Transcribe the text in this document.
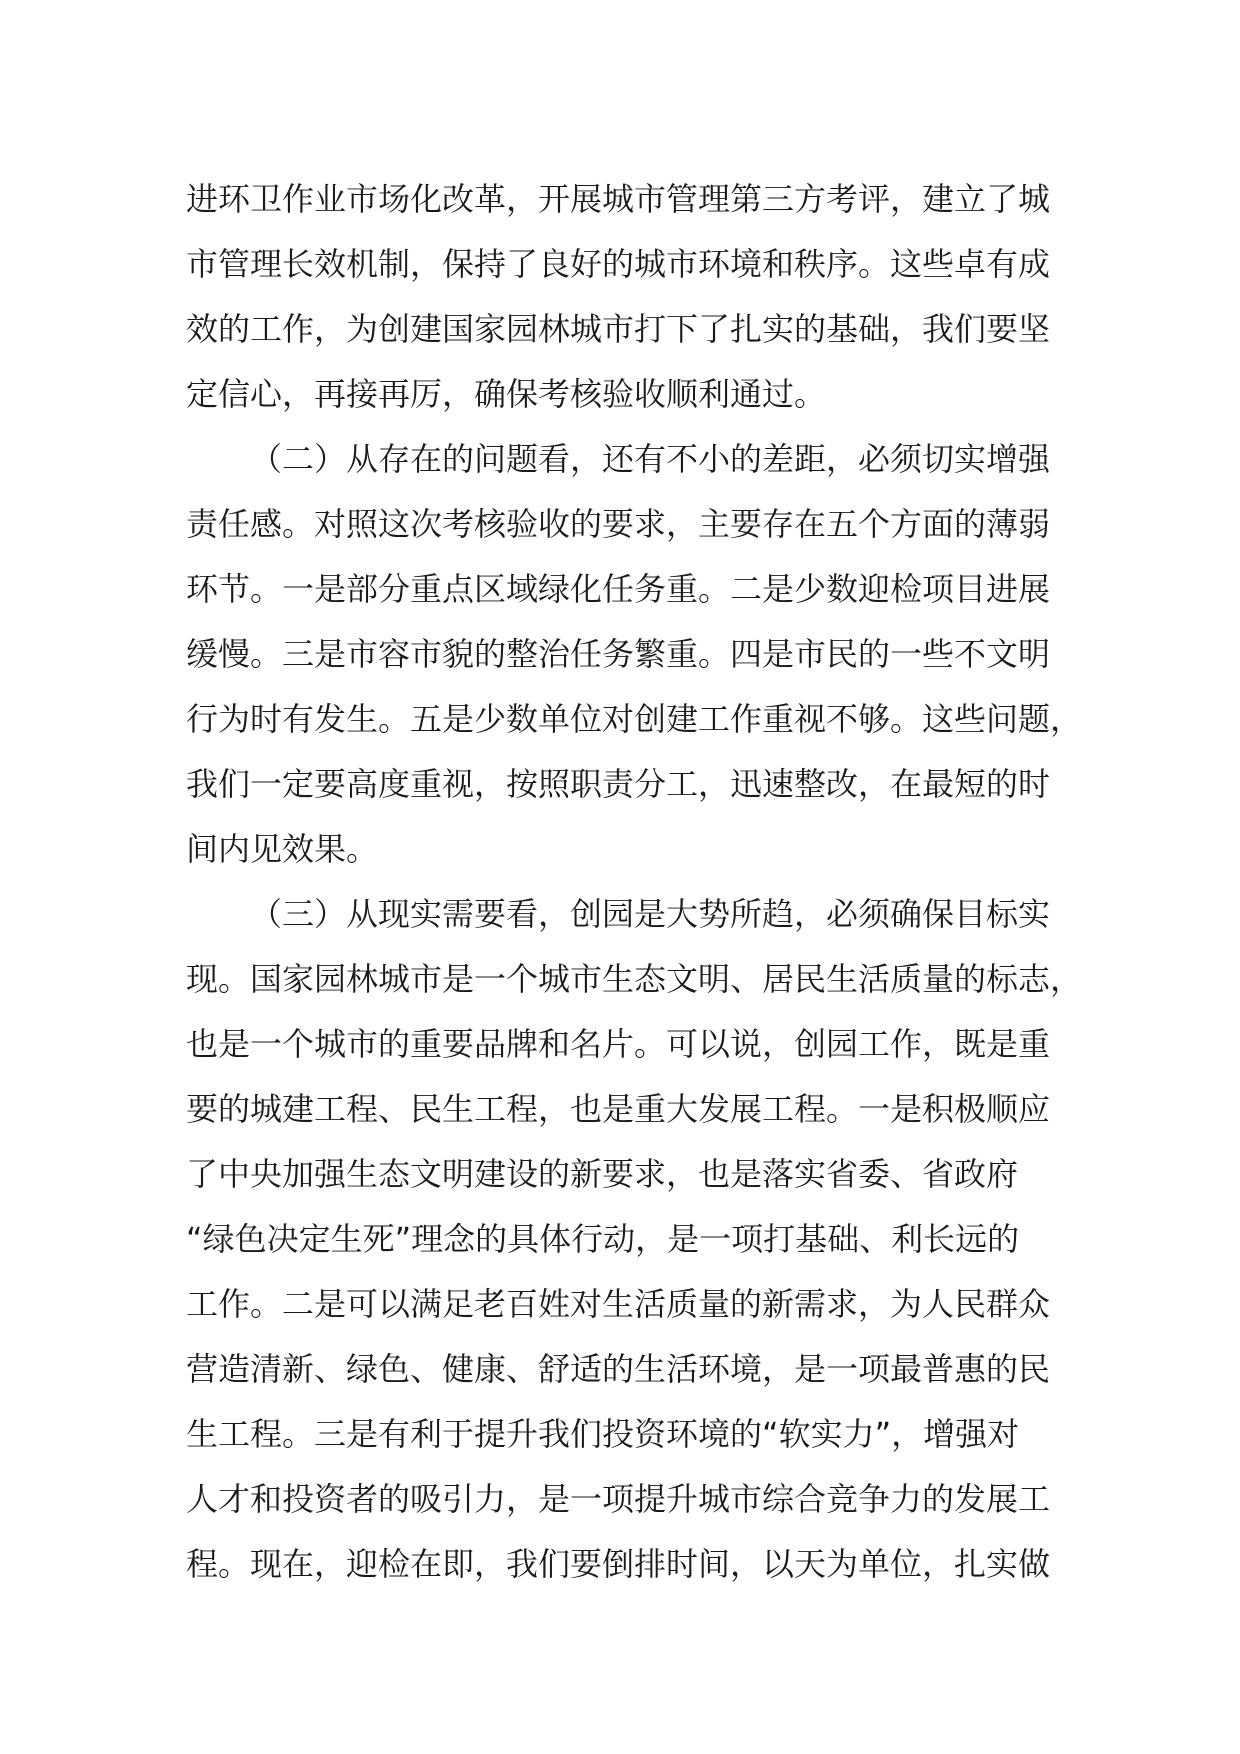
进环卫作业市场化改革，开展城市管理第三方考评，建立了城
市管理长效机制，保持了良好的城市环境和秩序。这些卓有成
效的工作，为创建国家园林城市打下了扎实的基础，我们要坚
定信心，再接再厉，确保考核验收顺利通过。
（二）从存在的问题看，还有不小的差距，必须切实增强
责任感。对照这次考核验收的要求，主要存在五个方面的薄弱
环节。一是部分重点区域绿化任务重。二是少数迎检项目进展
缓慢。三是市容市貌的整治任务繁重。四是市民的一些不文明
行为时有发生。五是少数单位对创建工作重视不够。这些问题，
我们一定要高度重视，按照职责分工，迅速整改，在最短的时
间内见效果。
（三）从现实需要看，创园是大势所趋，必须确保目标实
现。国家园林城市是一个城市生态文明、居民生活质量的标志，
也是一个城市的重要品牌和名片。可以说，创园工作，既是重
要的城建工程、民生工程，也是重大发展工程。一是积极顺应
了中央加强生态文明建设的新要求，也是落实省委、省政府
“绿色决定生死”理念的具体行动，是一项打基础、利长远的
工作。二是可以满足老百姓对生活质量的新需求，为人民群众
营造清新、绿色、健康、舒适的生活环境，是一项最普惠的民
生工程。三是有利于提升我们投资环境的“软实力”，增强对
人才和投资者的吸引力，是一项提升城市综合竞争力的发展工
程。现在，迎检在即，我们要倒排时间，以天为单位，扎实做
